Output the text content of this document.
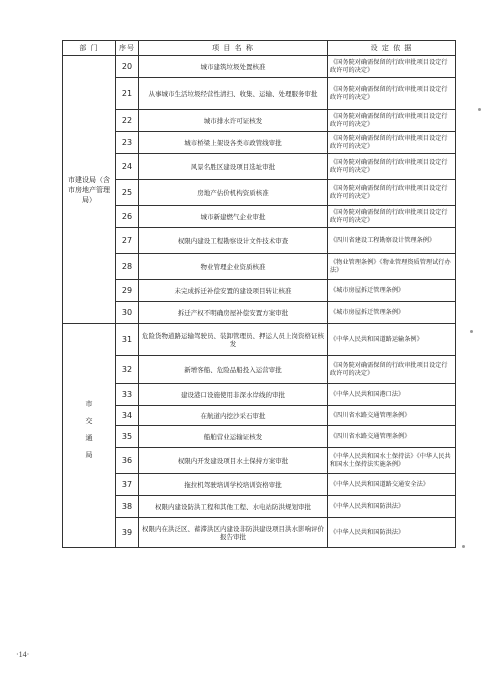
部 门	序号	项 目 名 称	设 定 依 据
市建设局（含市房地产管理局）	20	城市建筑垃圾处置核准	《国务院对确需保留的行政审批项目设定行政许可的决定》
	21	从事城市生活垃圾经营性清扫、收集、运输、处理服务审批	《国务院对确需保留的行政审批项目设定行政许可的决定》
	22	城市排水许可证核发	《国务院对确需保留的行政审批项目设定行政许可的决定》
	23	城市桥梁上架设各类市政管线审批	《国务院对确需保留的行政审批项目设定行政许可的决定》
	24	风景名胜区建设项目选址审批	《国务院对确需保留的行政审批项目设定行政许可的决定》
	25	房地产估价机构资质核准	《国务院对确需保留的行政审批项目设定行政许可的决定》
	26	城市新建燃气企业审批	《国务院对确需保留的行政审批项目设定行政许可的决定》
	27	权限内建设工程勘察设计文件技术审查	《四川省建设工程勘察设计管理条例》
	28	物业管理企业资质核准	《物业管理条例》《物业管理资质管理试行办法》
	29	未完成拆迁补偿安置的建设项目转让核准	《城市房屋拆迁管理条例》
	30	拆迁产权不明确房屋补偿安置方案审批	《城市房屋拆迁管理条例》
市交通局	31	危险货物道路运输驾驶员、装卸管理员、押运人员上岗资格证核发	《中华人民共和国道路运输条例》
	32	新增客船、危险品船投入运营审批	《国务院对确需保留的行政审批项目设定行政许可的决定》
	33	建设港口设施使用非深水岸线的审批	《中华人民共和国港口法》
	34	在航道内挖沙采石审批	《四川省水路交通管理条例》
	35	船舶营业运输证核发	《四川省水路交通管理条例》
	36	权限内开发建设项目水土保持方案审批	《中华人民共和国水土保持法》《中华人民共和国水土保持法实施条例》
	37	拖拉机驾驶培训学校培训资格审批	《中华人民共和国道路交通安全法》
	38	权限内建设防洪工程和其他工程、水电站防洪规划审批	《中华人民共和国防洪法》
	39	权限内在洪泛区、蓄滞洪区内建设非防洪建设项目洪水影响评价报告审批	《中华人民共和国防洪法》
·14·
